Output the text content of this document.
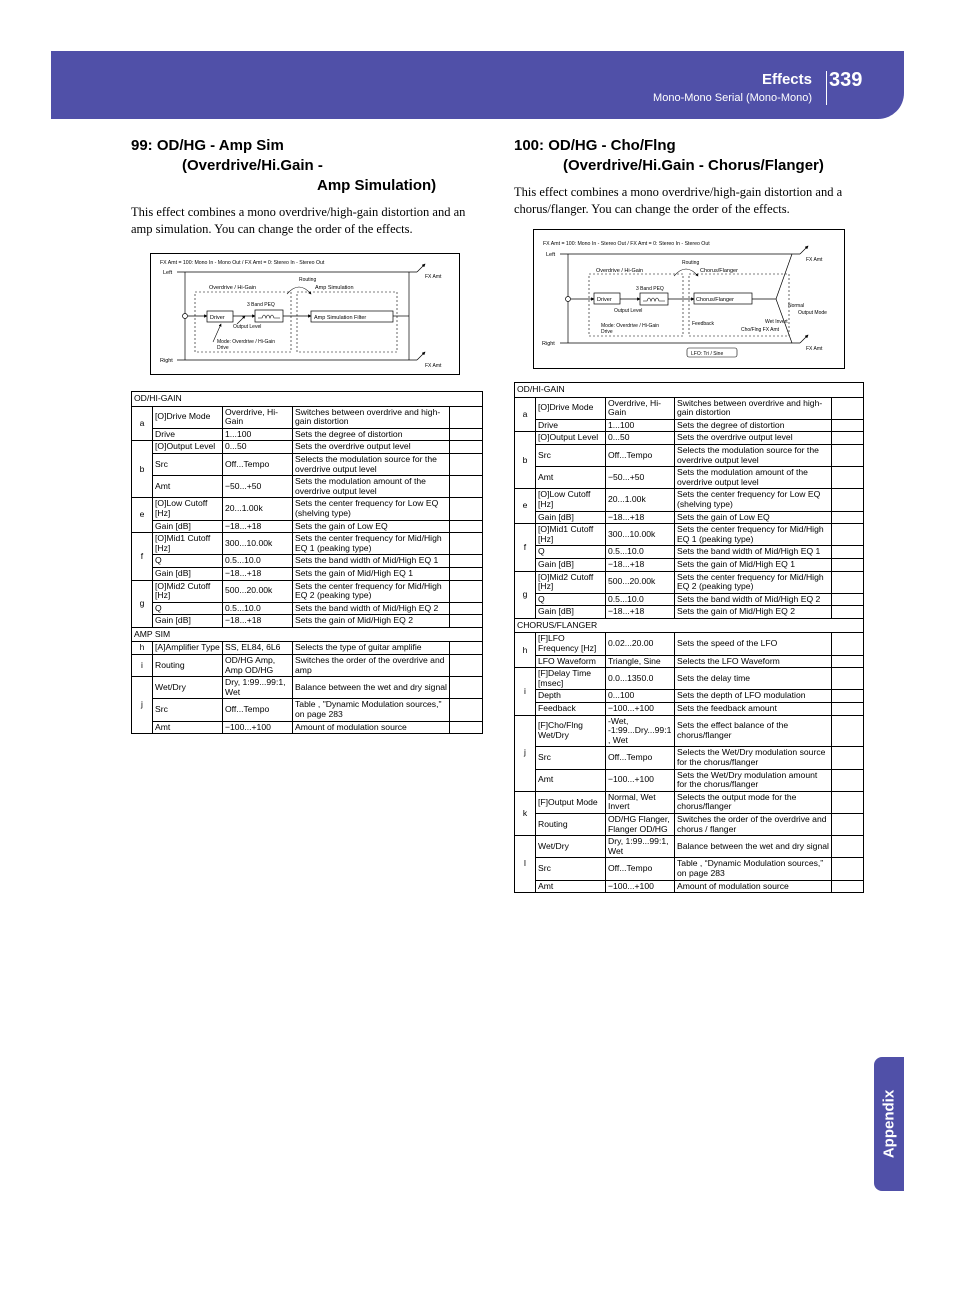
Effects
Mono-Mono Serial (Mono-Mono)
339
Appendix
99: OD/HG - Amp Sim
(Overdrive/Hi.Gain -
Amp Simulation)
This effect combines a mono overdrive/high-gain distortion and an amp simulation. You can change the order of the effects.
FX Amt = 100: Mono In - Mono Out / FX Amt = 0: Stereo In - Stereo Out
Left
Right
Overdrive / Hi-Gain	Amp Simulation
Routing
Driver
3 Band PEQ
Amp Simulation Filter
Output Level
Mode: Overdrive / Hi-Gain
Drive
FX Amt
FX Amt
OD/HI-GAIN				
a	[O]Drive Mode	Overdrive, Hi-Gain	Switches between overdrive and high-gain distortion	
	Drive	1...100	Sets the degree of distortion	
b	[O]Output Level	0...50	Sets the overdrive output level	
	Src	Off...Tempo	Selects the modulation source for the overdrive output level	
	Amt	−50...+50	Sets the modulation amount of the overdrive output level	
e	[O]Low Cutoff [Hz]	20...1.00k	Sets the center frequency for Low EQ (shelving type)	
	Gain [dB]	−18...+18	Sets the gain of Low EQ	
f	[O]Mid1 Cutoff [Hz]	300...10.00k	Sets the center frequency for Mid/High EQ 1 (peaking type)	
	Q	0.5...10.0	Sets the band width of Mid/High EQ 1	
	Gain [dB]	−18...+18	Sets the gain of Mid/High EQ 1	
g	[O]Mid2 Cutoff [Hz]	500...20.00k	Sets the center frequency for Mid/High EQ 2 (peaking type)	
	Q	0.5...10.0	Sets the band width of Mid/High EQ 2	
	Gain [dB]	−18...+18	Sets the gain of Mid/High EQ 2	
AMP SIM				
h	[A]Amplifier Type	SS, EL84, 6L6	Selects the type of guitar amplifie	
i	Routing	OD/HG Amp, Amp OD/HG	Switches the order of the overdrive and amp	
j	Wet/Dry	Dry, 1:99...99:1, Wet	Balance between the wet and dry signal	
	Src	Off...Tempo	Table , "Dynamic Modulation sources," on page 283	
	Amt	−100...+100	Amount of modulation source	
100: OD/HG - Cho/Flng
(Overdrive/Hi.Gain - Chorus/Flanger)
This effect combines a mono overdrive/high-gain distortion and a chorus/flanger. You can change the order of the effects.
FX Amt = 100: Mono In - Stereo Out / FX Amt = 0: Stereo In - Stereo Out
Left
Right
Overdrive / Hi-Gain	Chorus/Flanger
Routing
Driver
3 Band PEQ
Chorus/Flanger
Output Level
Mode: Overdrive / Hi-Gain
Drive
Feedback	Wet Invert
Normal
Output Mode
Cho/Flng FX Amt
LFO: Tri / Sine
FX Amt
FX Amt
OD/HI-GAIN				
a	[O]Drive Mode	Overdrive, Hi-Gain	Switches between overdrive and high-gain distortion	
	Drive	1...100	Sets the degree of distortion	
b	[O]Output Level	0...50	Sets the overdrive output level	
	Src	Off...Tempo	Selects the modulation source for the overdrive output level	
	Amt	−50...+50	Sets the modulation amount of the overdrive output level	
e	[O]Low Cutoff [Hz]	20...1.00k	Sets the center frequency for Low EQ (shelving type)	
	Gain [dB]	−18...+18	Sets the gain of Low EQ	
f	[O]Mid1 Cutoff [Hz]	300...10.00k	Sets the center frequency for Mid/High EQ 1 (peaking type)	
	Q	0.5...10.0	Sets the band width of Mid/High EQ 1	
	Gain [dB]	−18...+18	Sets the gain of Mid/High EQ 1	
g	[O]Mid2 Cutoff [Hz]	500...20.00k	Sets the center frequency for Mid/High EQ 2 (peaking type)	
	Q	0.5...10.0	Sets the band width of Mid/High EQ 2	
	Gain [dB]	−18...+18	Sets the gain of Mid/High EQ 2	
CHORUS/FLANGER				
h	[F]LFO Frequency [Hz]	0.02...20.00	Sets the speed of the LFO	
	LFO Waveform	Triangle, Sine	Selects the LFO Waveform	
i	[F]Delay Time [msec]	0.0...1350.0	Sets the delay time	
	Depth	0...100	Sets the depth of LFO modulation	
	Feedback	−100...+100	Sets the feedback amount	
j	[F]Cho/Flng Wet/Dry	-Wet, -1:99...Dry...99:1 , Wet	Sets the effect balance of the chorus/flanger	
	Src	Off...Tempo	Selects the Wet/Dry modulation source for the chorus/flanger	
	Amt	−100...+100	Sets the Wet/Dry modulation amount for the chorus/flanger	
k	[F]Output Mode	Normal, Wet Invert	Selects the output mode for the chorus/flanger	
	Routing	OD/HG Flanger, Flanger OD/HG	Switches the order of the overdrive and chorus / flanger	
l	Wet/Dry	Dry, 1:99...99:1, Wet	Balance between the wet and dry signal	
	Src	Off...Tempo	Table , “Dynamic Modulation sources,” on page 283	
	Amt	−100...+100	Amount of modulation source	
